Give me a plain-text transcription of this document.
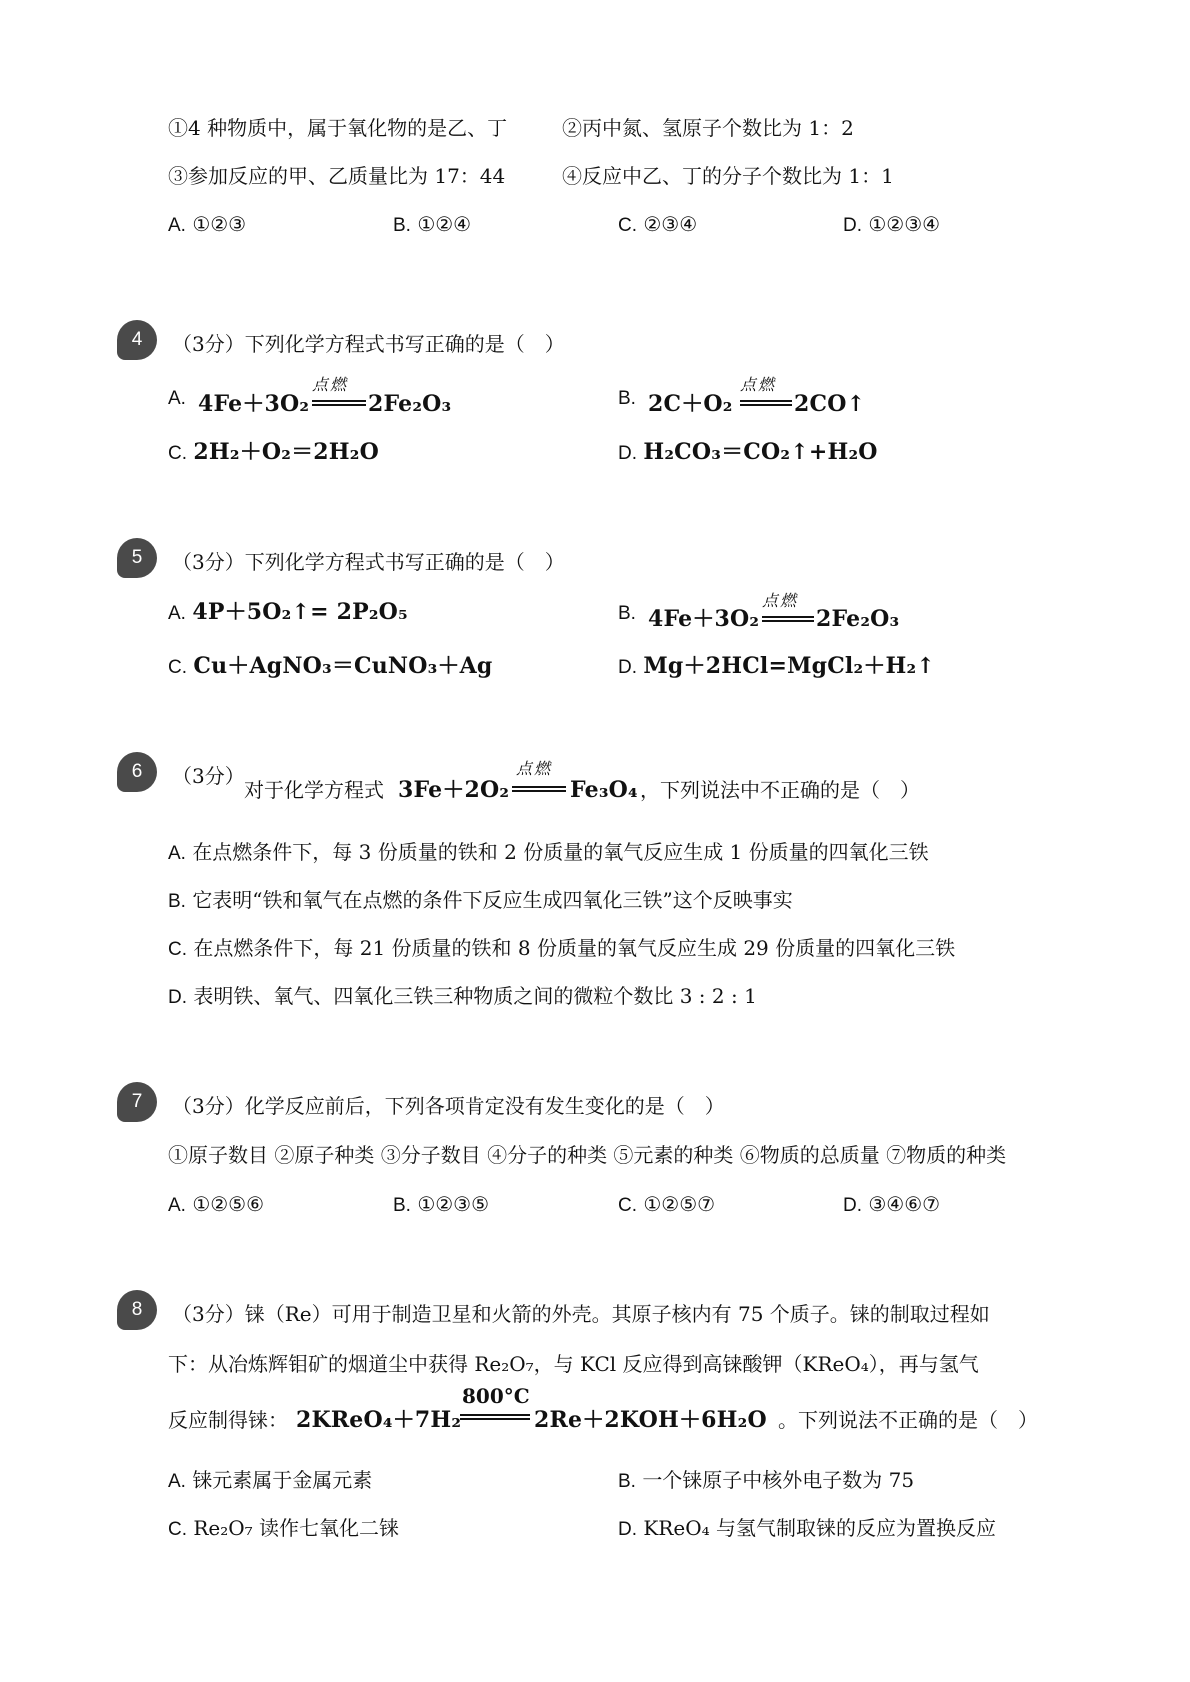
①4 种物质中，属于氧化物的是乙、丁	②丙中氮、氢原子个数比为 1：2
③参加反应的甲、乙质量比为 17：44	④反应中乙、丁的分子个数比为 1：1
A. ①②③	B. ①②④	C. ②③④	D. ①②③④
4	（3分）下列化学方程式书写正确的是（　）
A. 4Fe＋3O₂
点燃
2Fe₂O₃	B. 2C＋O₂
点燃
2CO↑
C. 2H₂＋O₂＝2H₂O	D. H₂CO₃＝CO₂↑+H₂O
5	（3分）下列化学方程式书写正确的是（　）
A. 4P＋5O₂↑= 2P₂O₅	B. 4Fe＋3O₂
点燃
2Fe₂O₃
C. Cu＋AgNO₃＝CuNO₃＋Ag	D. Mg＋2HCl=MgCl₂＋H₂↑
6	（3分）
对于化学方程式 3Fe＋2O₂
点燃
Fe₃O₄ ，下列说法中不正确的是（　）
A. 在点燃条件下，每 3 份质量的铁和 2 份质量的氧气反应生成 1 份质量的四氧化三铁
B. 它表明“铁和氧气在点燃的条件下反应生成四氧化三铁”这个反映事实
C. 在点燃条件下，每 21 份质量的铁和 8 份质量的氧气反应生成 29 份质量的四氧化三铁
D. 表明铁、氧气、四氧化三铁三种物质之间的微粒个数比 3 : 2 : 1
7	（3分）化学反应前后，下列各项肯定没有发生变化的是（　）
①原子数目 ②原子种类 ③分子数目 ④分子的种类 ⑤元素的种类 ⑥物质的总质量 ⑦物质的种类
A. ①②⑤⑥	B. ①②③⑤	C. ①②⑤⑦	D. ③④⑥⑦
8	（3分）铼（Re）可用于制造卫星和火箭的外壳。其原子核内有 75 个质子。铼的制取过程如
下：从冶炼辉钼矿的烟道尘中获得 Re₂O₇，与 KCl 反应得到高铼酸钾（KReO₄），再与氢气
反应制得铼： 2KReO₄＋7H₂
800°C
2Re＋2KOH＋6H₂O 。下列说法不正确的是（　）
A. 铼元素属于金属元素	B. 一个铼原子中核外电子数为 75
C. Re₂O₇ 读作七氧化二铼	D. KReO₄ 与氢气制取铼的反应为置换反应
